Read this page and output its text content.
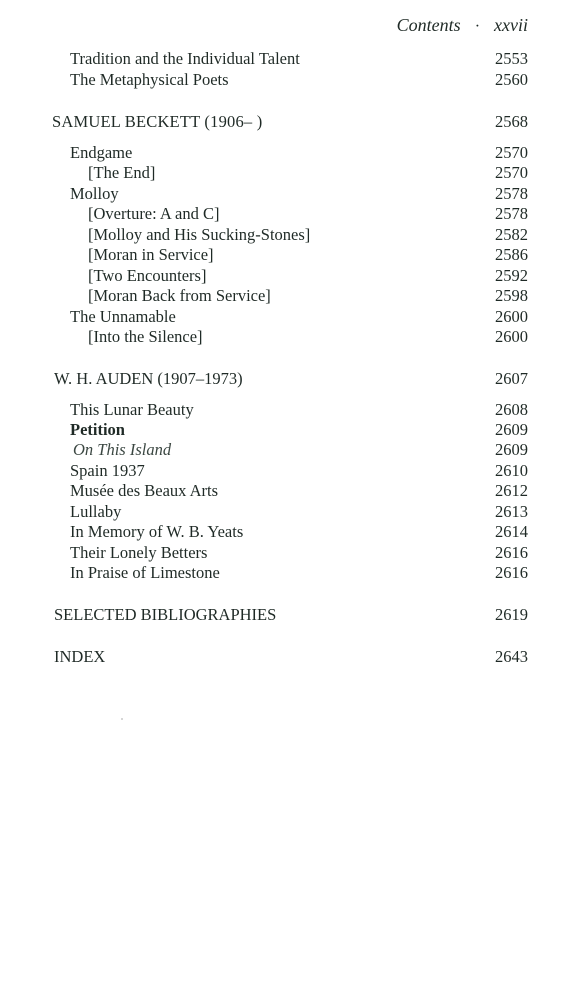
Contents · xxvii
Tradition and the Individual Talent	2553
The Metaphysical Poets	2560
SAMUEL BECKETT (1906– )	2568
Endgame	2570
[The End]	2570
Molloy	2578
[Overture: A and C]	2578
[Molloy and His Sucking-Stones]	2582
[Moran in Service]	2586
[Two Encounters]	2592
[Moran Back from Service]	2598
The Unnamable	2600
[Into the Silence]	2600
W. H. AUDEN (1907–1973)	2607
This Lunar Beauty	2608
Petition	2609
On This Island	2609
Spain 1937	2610
Musée des Beaux Arts	2612
Lullaby	2613
In Memory of W. B. Yeats	2614
Their Lonely Betters	2616
In Praise of Limestone	2616
SELECTED BIBLIOGRAPHIES	2619
INDEX	2643
